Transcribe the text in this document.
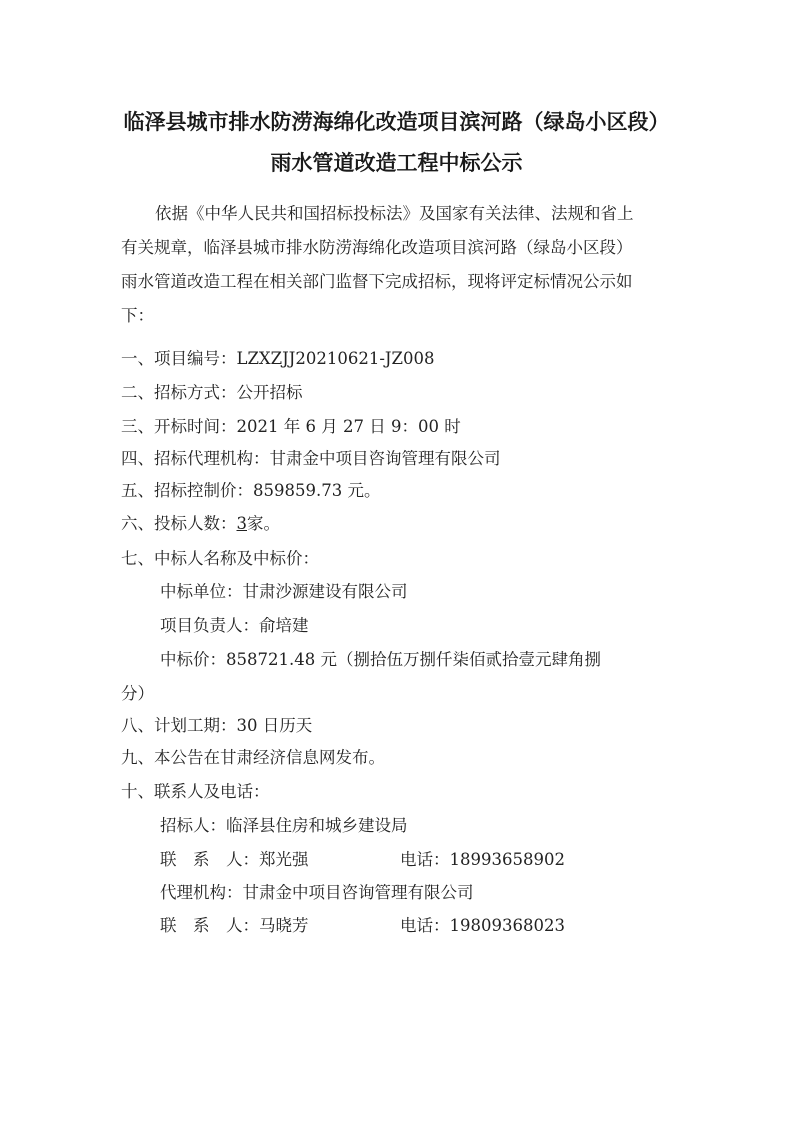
临泽县城市排水防涝海绵化改造项目滨河路（绿岛小区段）
雨水管道改造工程中标公示
依据《中华人民共和国招标投标法》及国家有关法律、法规和省上
有关规章，临泽县城市排水防涝海绵化改造项目滨河路（绿岛小区段）
雨水管道改造工程在相关部门监督下完成招标，现将评定标情况公示如
下：
一、项目编号：LZXZJJ20210621-JZ008
二、招标方式：公开招标
三、开标时间：2021 年 6 月 27 日 9：00 时
四、招标代理机构：甘肃金中项目咨询管理有限公司
五、招标控制价：859859.73 元。
六、投标人数：3家。
七、中标人名称及中标价：
中标单位：甘肃沙源建设有限公司
项目负责人：俞培建
中标价：858721.48 元（捌拾伍万捌仟柒佰贰拾壹元肆角捌
分）
八、计划工期：30 日历天
九、本公告在甘肃经济信息网发布。
十、联系人及电话：
招标人：临泽县住房和城乡建设局
联　系　人：郑光强	电话：18993658902
代理机构：甘肃金中项目咨询管理有限公司
联　系　人：马晓芳	电话：19809368023
